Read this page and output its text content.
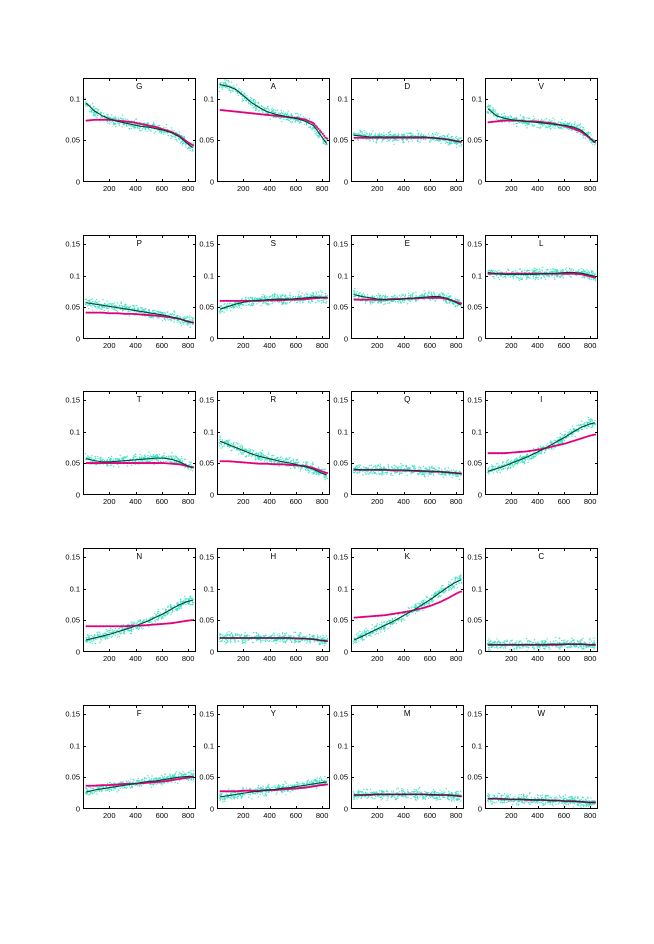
0
0.05
0.1
200 400 600 800
G
0
0.05
0.1
200 400 600 800
A
0
0.05
0.1
200 400 600 800
D
0
0.05
0.1
200 400 600 800
V
0
0.05
0.1
0.15
200 400 600 800
P
0
0.05
0.1
0.15
200 400 600 800
S
0
0.05
0.1
0.15
200 400 600 800
E
0
0.05
0.1
0.15
200 400 600 800
L
0
0.05
0.1
0.15
200 400 600 800
T
0
0.05
0.1
0.15
200 400 600 800
R
0
0.05
0.1
0.15
200 400 600 800
Q
0
0.05
0.1
0.15
200 400 600 800
I
0
0.05
0.1
0.15
200 400 600 800
N
0
0.05
0.1
0.15
200 400 600 800
H
0
0.05
0.1
0.15
200 400 600 800
K
0
0.05
0.1
0.15
200 400 600 800
C
0
0.05
0.1
0.15
200 400 600 800
F
0
0.05
0.1
0.15
200 400 600 800
Y
0
0.05
0.1
0.15
200 400 600 800
M
0
0.05
0.1
0.15
200 400 600 800
W
